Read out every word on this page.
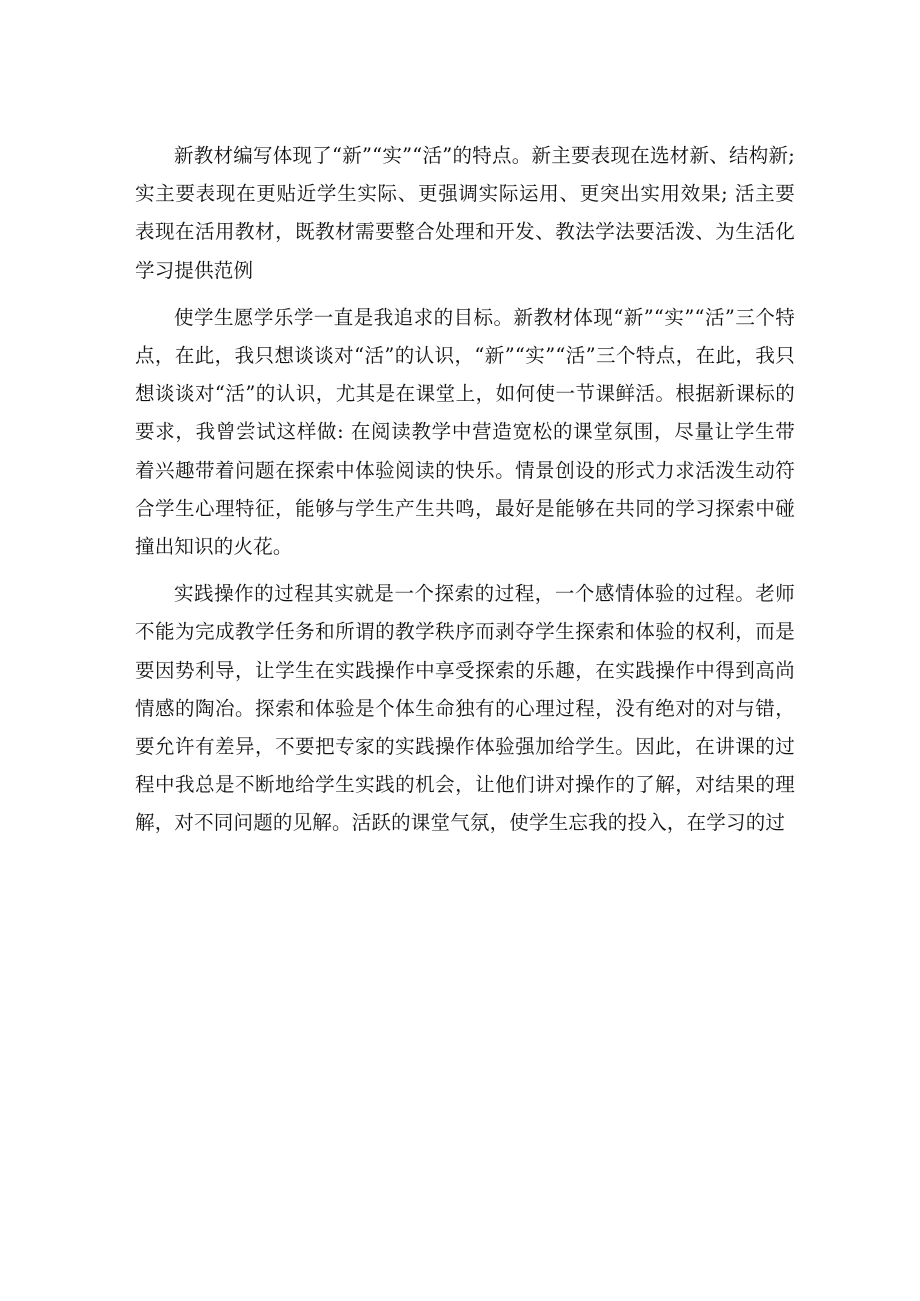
新教材编写体现了“新”“实”“活”的特点。新主要表现在选材新、结构新; 实主要表现在更贴近学生实际、更强调实际运用、更突出实用效果; 活主要表现在活用教材，既教材需要整合处理和开发、教法学法要活泼、为生活化学习提供范例

使学生愿学乐学一直是我追求的目标。新教材体现“新”“实”“活”三个特点，在此，我只想谈谈对“活”的认识，“新”“实”“活”三个特点，在此，我只想谈谈对“活”的认识，尤其是在课堂上，如何使一节课鲜活。根据新课标的要求，我曾尝试这样做: 在阅读教学中营造宽松的课堂氛围，尽量让学生带着兴趣带着问题在探索中体验阅读的快乐。情景创设的形式力求活泼生动符合学生心理特征，能够与学生产生共鸣，最好是能够在共同的学习探索中碰撞出知识的火花。

实践操作的过程其实就是一个探索的过程，一个感情体验的过程。老师不能为完成教学任务和所谓的教学秩序而剥夺学生探索和体验的权利，而是要因势利导，让学生在实践操作中享受探索的乐趣，在实践操作中得到高尚情感的陶冶。探索和体验是个体生命独有的心理过程，没有绝对的对与错，要允许有差异，不要把专家的实践操作体验强加给学生。因此，在讲课的过程中我总是不断地给学生实践的机会，让他们讲对操作的了解，对结果的理解，对不同问题的见解。活跃的课堂气氛，使学生忘我的投入，在学习的过
